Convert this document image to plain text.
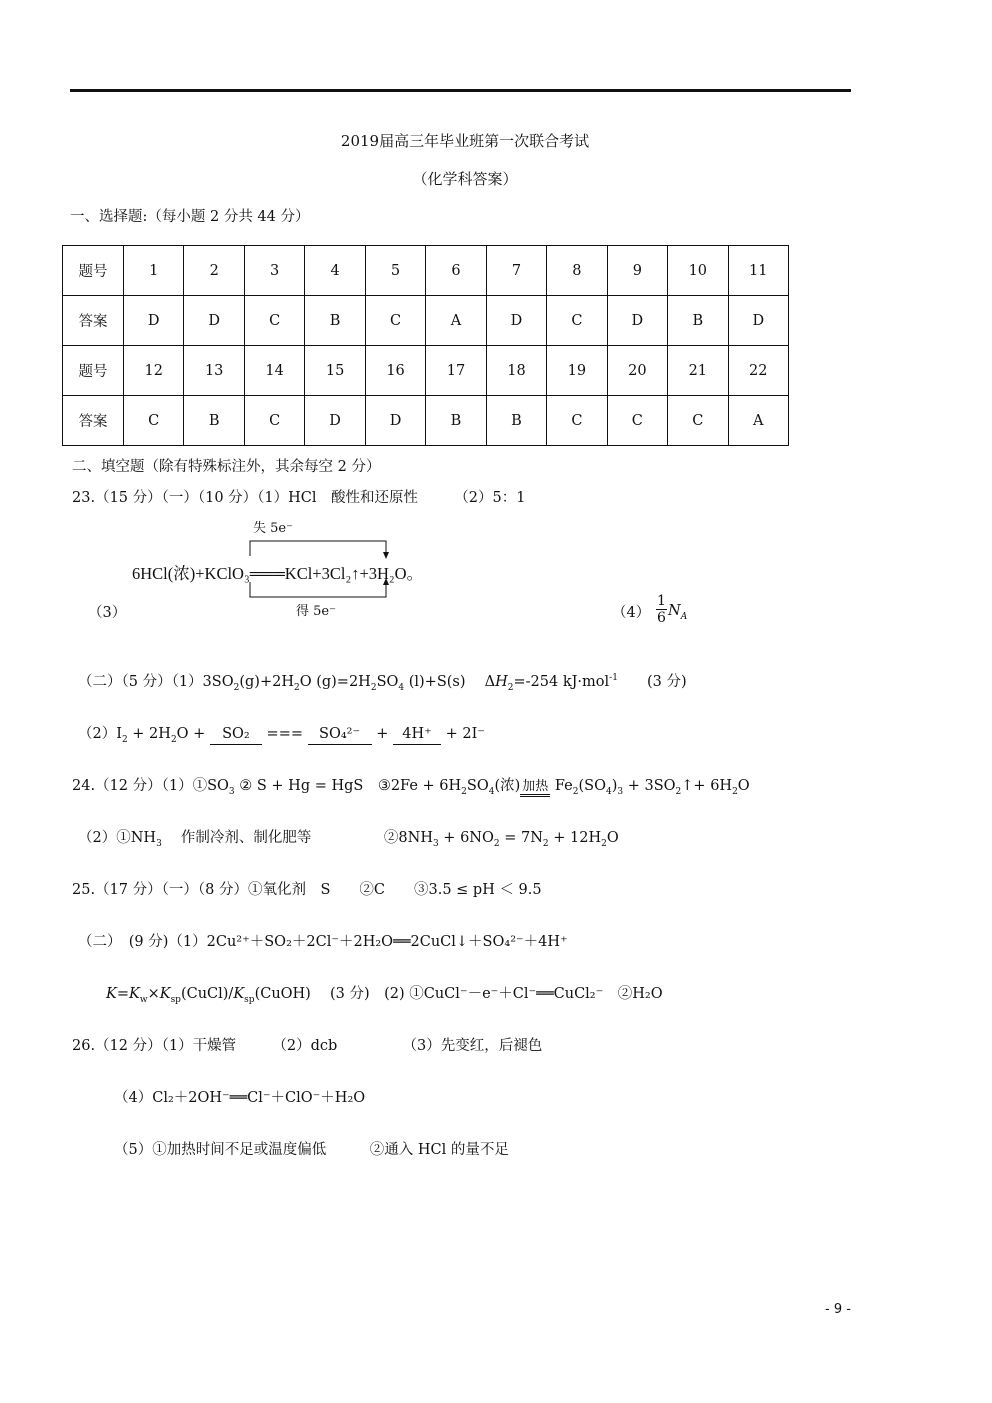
2019届高三年毕业班第一次联合考试
（化学科答案）
一、选择题:（每小题 2 分共 44 分）
题号	1	2	3	4	5	6	7	8	9	10	11
答案	D	D	C	B	C	A	D	C	D	B	D
题号	12	13	14	15	16	17	18	19	20	21	22
答案	C	B	C	D	D	B	B	C	C	C	A
二、填空题（除有特殊标注外，其余每空 2 分）
23.（15 分）（一）（10 分）（1）HCl　酸性和还原性　　　（2）5：1
失 5e⁻
6HCl(浓)+KClO₃═══KCl+3Cl₂↑+3H₂O。
得 5e⁻
（3）	$(4) \frac{1}{6} N_A$
（二）（5 分）$(1)3SO_2(g)+2H_2O$ $(g)=2H_2SO_4$ (l)+S(s)　 $\Delta H_2=-254$ kJ·mol$^{-1}$　　(3 分)
$(2)I_2 + 2H_2O + SO_2$ === SO₄²⁻ + 4H⁺ + 2I⁻
24.（12 分）$(1)①SO_3$ ② S + Hg = HgS　③2Fe + $6H_2SO_4$(浓) 加热 $Fe_2(SO_4)_3$ + $3SO_2↑+ 6H_2O$
$(2)①NH_3$　 作制冷剂、制化肥等　　　　　$②8NH_3 + 6NO_2 = 7N_2 + 12H_2O$
25.（17 分）（一）（8 分）①氧化剂　S　　②C　　③3.5 ≤ pH ＜ 9.5
（二）　(9 分)（1）2Cu²⁺＋SO₂＋2Cl⁻＋2H₂O══2CuCl↓＋SO₄²⁻＋4H⁺
$K=K_w\times K_{sp}(CuCl)/K_{sp}(CuOH)$　 (3 分)　(2) ①CuCl⁻－e⁻＋Cl⁻══CuCl₂⁻　②H₂O
26.（12 分）（1）干燥管　　　（2）dcb　　　　　（3）先变红，后褪色
（4）Cl₂＋2OH⁻══Cl⁻＋ClO⁻＋H₂O
（5）①加热时间不足或温度偏低　　　②通入 HCl 的量不足
- 9 -
